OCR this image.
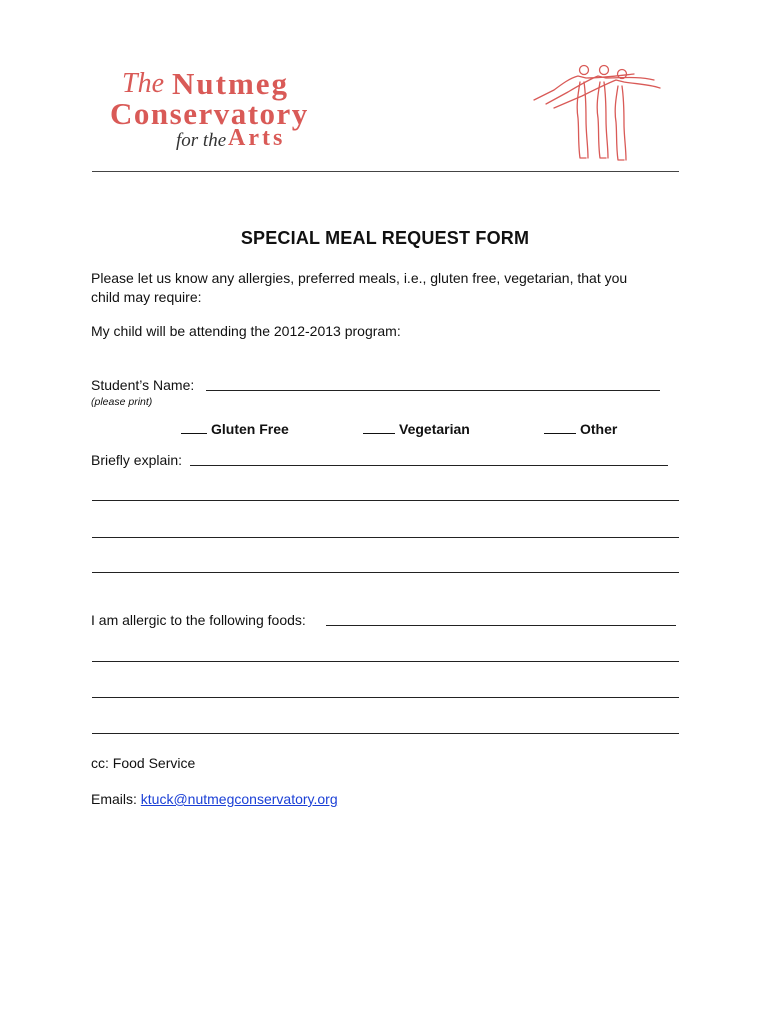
The Nutmeg
Conservatory
for the Arts
SPECIAL MEAL REQUEST FORM
Please let us know any allergies, preferred meals, i.e., gluten free, vegetarian, that you
child may require:
My child will be attending the 2012-2013 program:
Student’s Name:
(please print)
Gluten Free	Vegetarian	Other
Briefly explain:
I am allergic to the following foods:
cc: Food Service
Emails: ktuck@nutmegconservatory.org
